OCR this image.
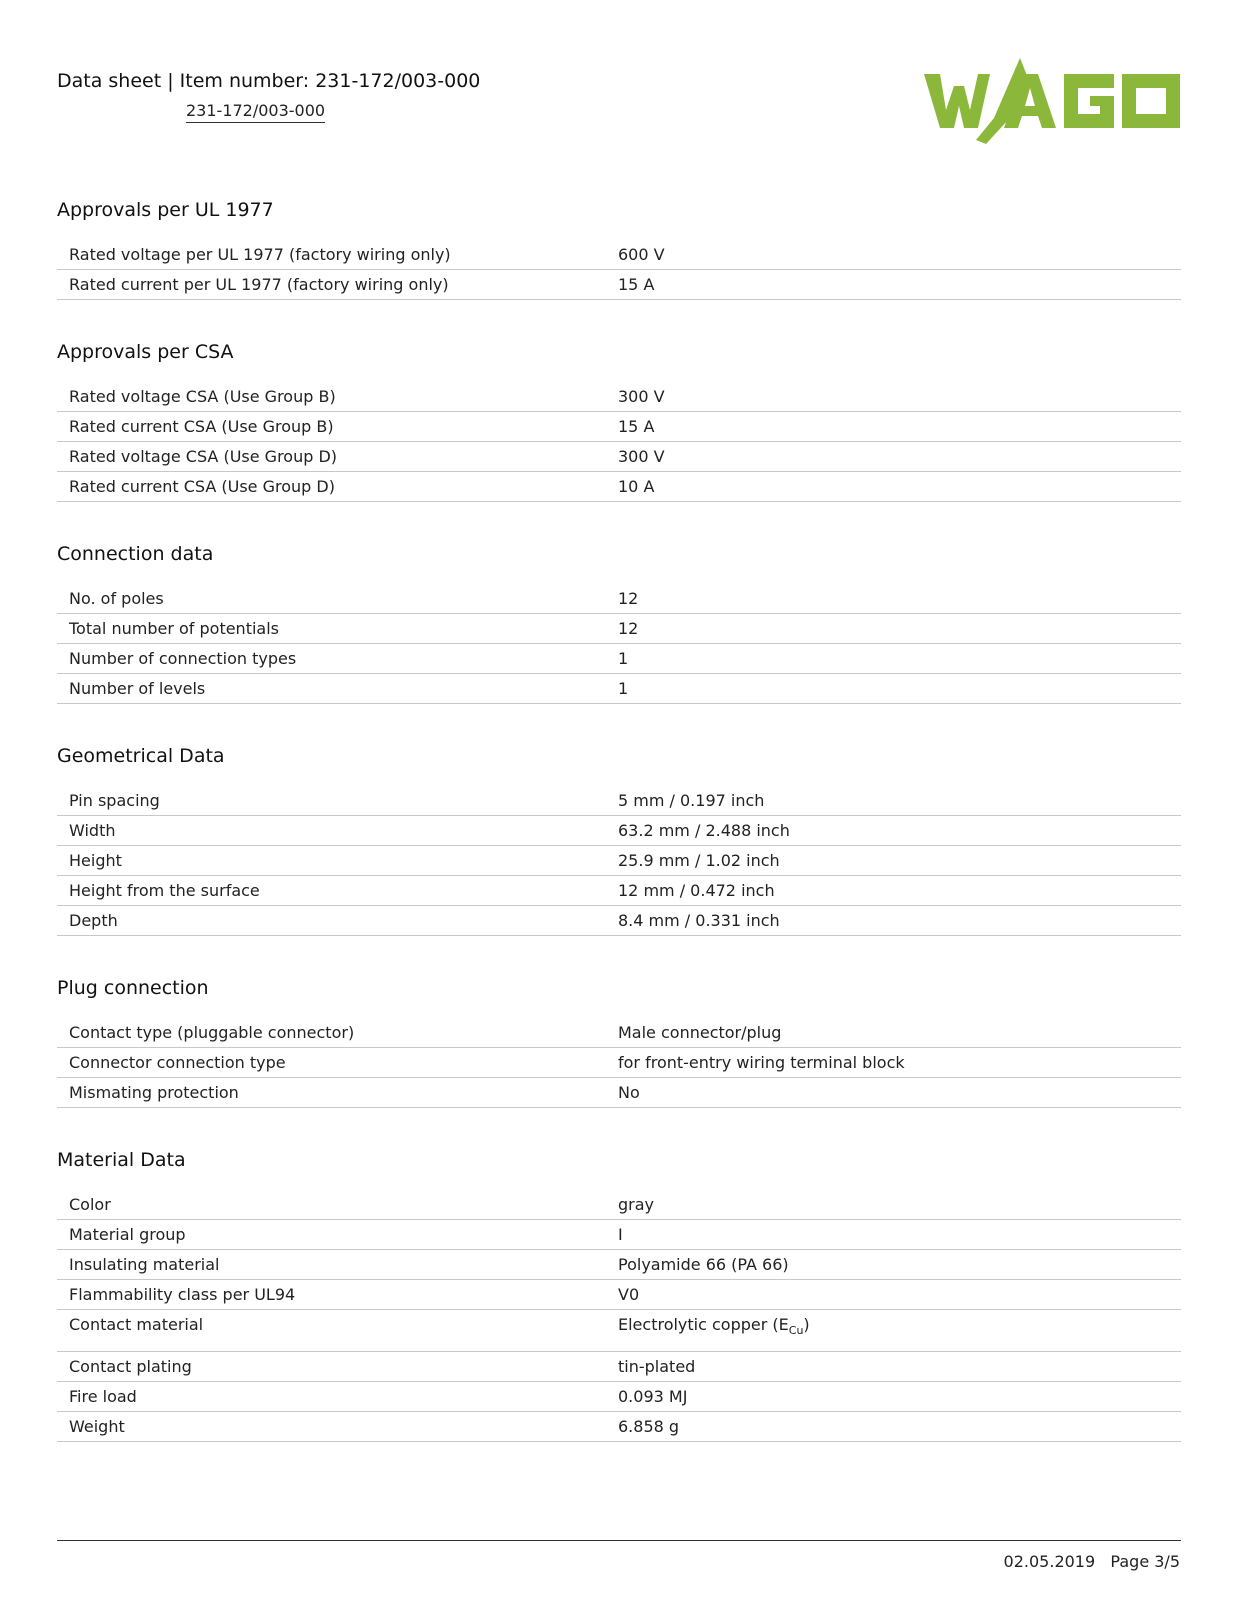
Data sheet | Item number: 231-172/003-000
231-172/003-000
Approvals per UL 1977
Rated voltage per UL 1977 (factory wiring only)	600 V
Rated current per UL 1977 (factory wiring only)	15 A
Approvals per CSA
Rated voltage CSA (Use Group B)	300 V
Rated current CSA (Use Group B)	15 A
Rated voltage CSA (Use Group D)	300 V
Rated current CSA (Use Group D)	10 A
Connection data
No. of poles	12
Total number of potentials	12
Number of connection types	1
Number of levels	1
Geometrical Data
Pin spacing	5 mm / 0.197 inch
Width	63.2 mm / 2.488 inch
Height	25.9 mm / 1.02 inch
Height from the surface	12 mm / 0.472 inch
Depth	8.4 mm / 0.331 inch
Plug connection
Contact type (pluggable connector)	Male connector/plug
Connector connection type	for front-entry wiring terminal block
Mismating protection	No
Material Data
Color	gray
Material group	I
Insulating material	Polyamide 66 (PA 66)
Flammability class per UL94	V0
Contact material	Electrolytic copper $(E_{Cu})$
Contact plating	tin-plated
Fire load	0.093 MJ
Weight	6.858 g
02.05.2019 Page 3/5
